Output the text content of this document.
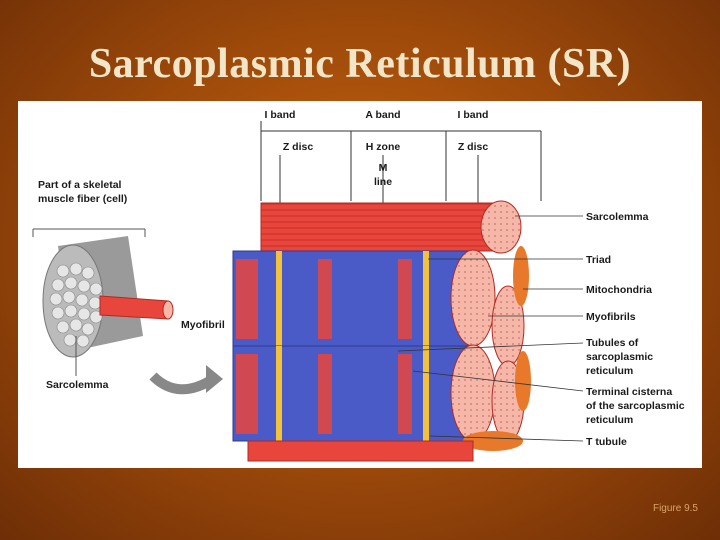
Sarcoplasmic Reticulum (SR)
I band	A band	I band
Z disc	H zone	Z disc
M
line
Part of a skeletal
muscle fiber (cell)
Myofibril
Sarcolemma
Sarcolemma
Triad
Mitochondria
Myofibrils
Tubules of
sarcoplasmic
reticulum
Terminal cisterna
of the sarcoplasmic
reticulum
T tubule
Figure 9.5
